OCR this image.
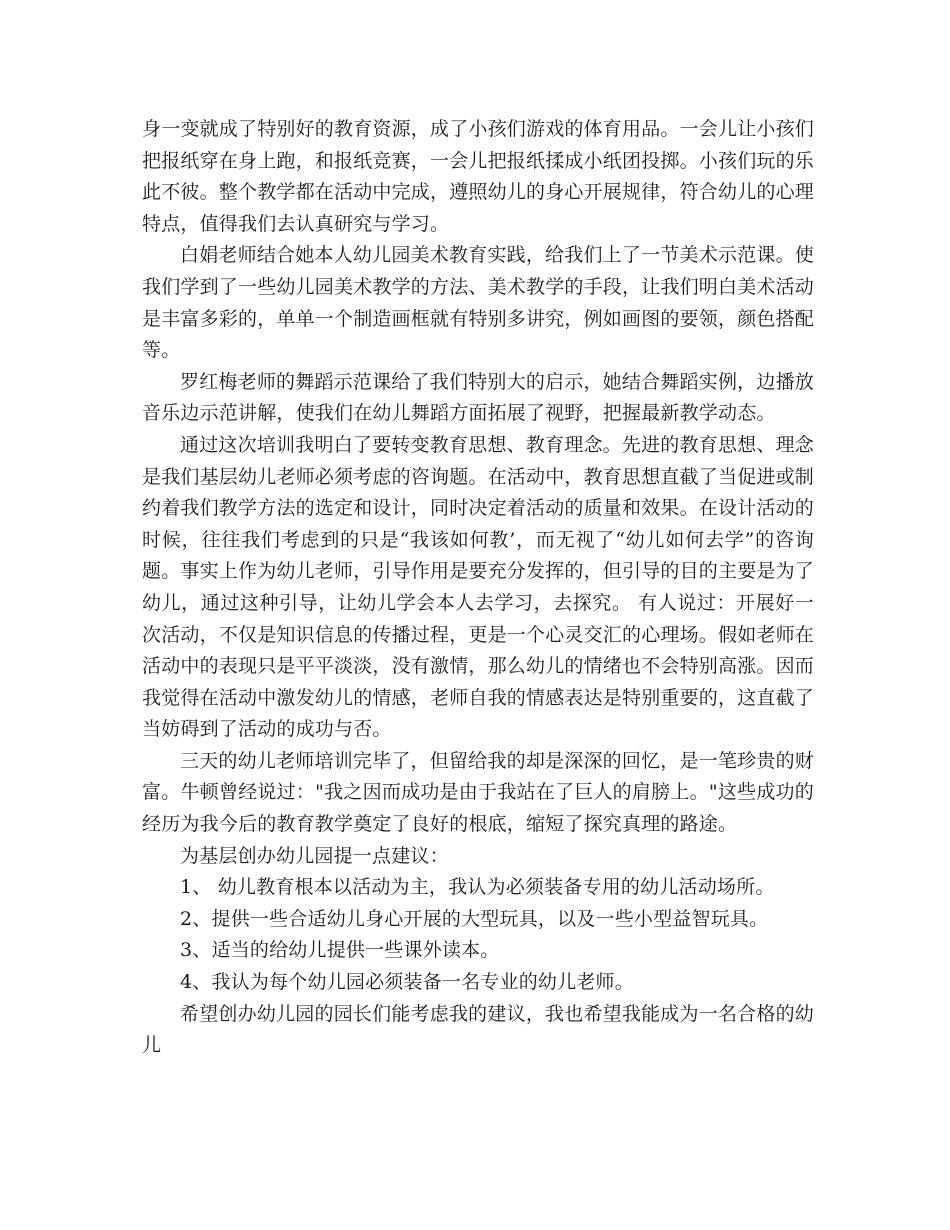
身一变就成了特别好的教育资源，成了小孩们游戏的体育用品。一会儿让小孩们把报纸穿在身上跑，和报纸竞赛，一会儿把报纸揉成小纸团投掷。小孩们玩的乐此不彼。整个教学都在活动中完成，遵照幼儿的身心开展规律，符合幼儿的心理特点，值得我们去认真研究与学习。

白娟老师结合她本人幼儿园美术教育实践，给我们上了一节美术示范课。使我们学到了一些幼儿园美术教学的方法、美术教学的手段，让我们明白美术活动是丰富多彩的，单单一个制造画框就有特别多讲究，例如画图的要领，颜色搭配等。

罗红梅老师的舞蹈示范课给了我们特别大的启示，她结合舞蹈实例，边播放音乐边示范讲解，使我们在幼儿舞蹈方面拓展了视野，把握最新教学动态。

通过这次培训我明白了要转变教育思想、教育理念。先进的教育思想、理念是我们基层幼儿老师必须考虑的咨询题。在活动中，教育思想直截了当促进或制约着我们教学方法的选定和设计，同时决定着活动的质量和效果。在设计活动的时候，往往我们考虑到的只是“我该如何教’，而无视了“幼儿如何去学”的咨询题。事实上作为幼儿老师，引导作用是要充分发挥的，但引导的目的主要是为了幼儿，通过这种引导，让幼儿学会本人去学习，去探究。 有人说过：开展好一次活动，不仅是知识信息的传播过程，更是一个心灵交汇的心理场。假如老师在活动中的表现只是平平淡淡，没有激情，那么幼儿的情绪也不会特别高涨。因而我觉得在活动中激发幼儿的情感，老师自我的情感表达是特别重要的，这直截了当妨碍到了活动的成功与否。

三天的幼儿老师培训完毕了，但留给我的却是深深的回忆，是一笔珍贵的财富。牛顿曾经说过："我之因而成功是由于我站在了巨人的肩膀上。"这些成功的经历为我今后的教育教学奠定了良好的根底，缩短了探究真理的路途。

为基层创办幼儿园提一点建议：

1、 幼儿教育根本以活动为主，我认为必须装备专用的幼儿活动场所。

2、提供一些合适幼儿身心开展的大型玩具，以及一些小型益智玩具。

3、适当的给幼儿提供一些课外读本。

4、我认为每个幼儿园必须装备一名专业的幼儿老师。

希望创办幼儿园的园长们能考虑我的建议，我也希望我能成为一名合格的幼儿
